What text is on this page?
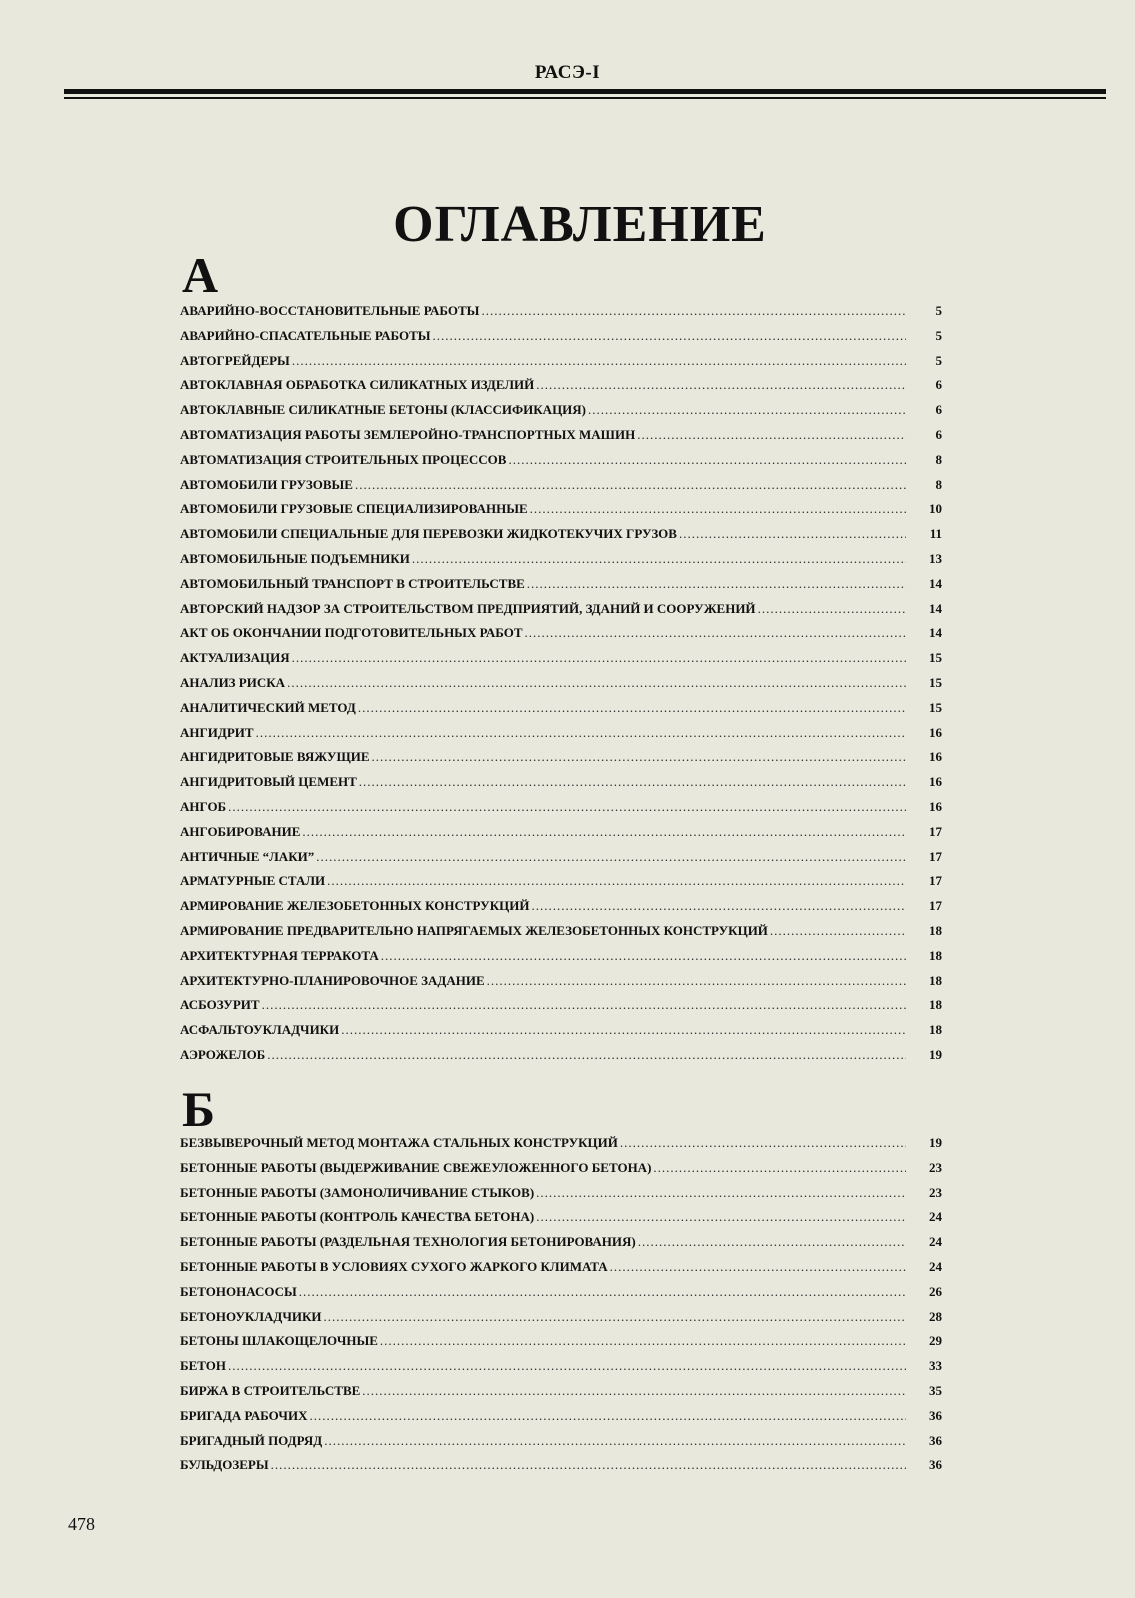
РАСЭ-I
ОГЛАВЛЕНИЕ
А
АВАРИЙНО-ВОССТАНОВИТЕЛЬНЫЕ РАБОТЫ .....	5
АВАРИЙНО-СПАСАТЕЛЬНЫЕ РАБОТЫ .....	5
АВТОГРЕЙДЕРЫ .....	5
АВТОКЛАВНАЯ ОБРАБОТКА СИЛИКАТНЫХ ИЗДЕЛИЙ .....	6
АВТОКЛАВНЫЕ СИЛИКАТНЫЕ БЕТОНЫ (КЛАССИФИКАЦИЯ) .....	6
АВТОМАТИЗАЦИЯ РАБОТЫ ЗЕМЛЕРОЙНО-ТРАНСПОРТНЫХ МАШИН .....	6
АВТОМАТИЗАЦИЯ СТРОИТЕЛЬНЫХ ПРОЦЕССОВ .....	8
АВТОМОБИЛИ ГРУЗОВЫЕ .....	8
АВТОМОБИЛИ ГРУЗОВЫЕ СПЕЦИАЛИЗИРОВАННЫЕ .....	10
АВТОМОБИЛИ СПЕЦИАЛЬНЫЕ ДЛЯ ПЕРЕВОЗКИ ЖИДКОТЕКУЧИХ ГРУЗОВ .....	11
АВТОМОБИЛЬНЫЕ ПОДЪЕМНИКИ .....	13
АВТОМОБИЛЬНЫЙ ТРАНСПОРТ В СТРОИТЕЛЬСТВЕ .....	14
АВТОРСКИЙ НАДЗОР ЗА СТРОИТЕЛЬСТВОМ ПРЕДПРИЯТИЙ, ЗДАНИЙ И СООРУЖЕНИЙ .....	14
АКТ ОБ ОКОНЧАНИИ ПОДГОТОВИТЕЛЬНЫХ РАБОТ .....	14
АКТУАЛИЗАЦИЯ .....	15
АНАЛИЗ РИСКА .....	15
АНАЛИТИЧЕСКИЙ МЕТОД .....	15
АНГИДРИТ .....	16
АНГИДРИТОВЫЕ ВЯЖУЩИЕ .....	16
АНГИДРИТОВЫЙ ЦЕМЕНТ .....	16
АНГОБ .....	16
АНГОБИРОВАНИЕ .....	17
АНТИЧНЫЕ “ЛАКИ” .....	17
АРМАТУРНЫЕ СТАЛИ .....	17
АРМИРОВАНИЕ ЖЕЛЕЗОБЕТОННЫХ КОНСТРУКЦИЙ .....	17
АРМИРОВАНИЕ ПРЕДВАРИТЕЛЬНО НАПРЯГАЕМЫХ ЖЕЛЕЗОБЕТОННЫХ КОНСТРУКЦИЙ .....	18
АРХИТЕКТУРНАЯ ТЕРРАКОТА .....	18
АРХИТЕКТУРНО-ПЛАНИРОВОЧНОЕ ЗАДАНИЕ .....	18
АСБОЗУРИТ .....	18
АСФАЛЬТОУКЛАДЧИКИ .....	18
АЭРОЖЕЛОБ .....	19
Б
БЕЗВЫВЕРОЧНЫЙ МЕТОД МОНТАЖА СТАЛЬНЫХ КОНСТРУКЦИЙ .....	19
БЕТОННЫЕ РАБОТЫ (ВЫДЕРЖИВАНИЕ СВЕЖЕУЛОЖЕННОГО БЕТОНА) .....	23
БЕТОННЫЕ РАБОТЫ (ЗАМОНОЛИЧИВАНИЕ СТЫКОВ) .....	23
БЕТОННЫЕ РАБОТЫ (КОНТРОЛЬ КАЧЕСТВА БЕТОНА) .....	24
БЕТОННЫЕ РАБОТЫ (РАЗДЕЛЬНАЯ ТЕХНОЛОГИЯ БЕТОНИРОВАНИЯ) .....	24
БЕТОННЫЕ РАБОТЫ В УСЛОВИЯХ СУХОГО ЖАРКОГО КЛИМАТА .....	24
БЕТОНОНАСОСЫ .....	26
БЕТОНОУКЛАДЧИКИ .....	28
БЕТОНЫ ШЛАКОЩЕЛОЧНЫЕ .....	29
БЕТОН .....	33
БИРЖА В СТРОИТЕЛЬСТВЕ .....	35
БРИГАДА РАБОЧИХ .....	36
БРИГАДНЫЙ ПОДРЯД .....	36
БУЛЬДОЗЕРЫ .....	36
478
